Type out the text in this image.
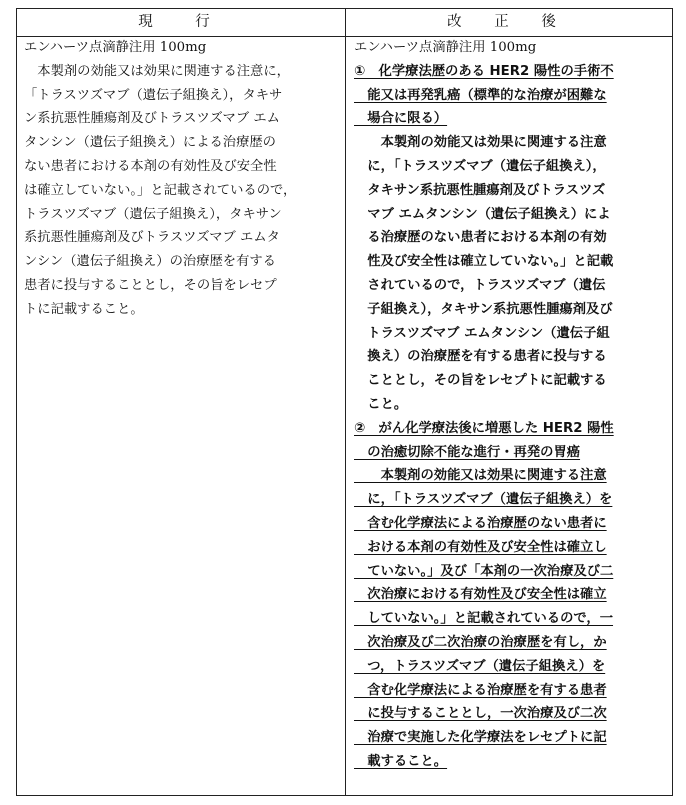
現　行	改 正 後
エンハーツ点滴静注用 100mg
　本製剤の効能又は効果に関連する注意に，
「トラスツズマブ（遺伝子組換え），タキサ
ン系抗悪性腫瘍剤及びトラスツズマブ エム
タンシン（遺伝子組換え）による治療歴の
ない患者における本剤の有効性及び安全性
は確立していない。」と記載されているので，
トラスツズマブ（遺伝子組換え），タキサン
系抗悪性腫瘍剤及びトラスツズマブ エムタ
ンシン（遺伝子組換え）の治療歴を有する
患者に投与することとし，その旨をレセプ
トに記載すること。
エンハーツ点滴静注用 100mg
①　化学療法歴のある HER2 陽性の手術不
　能又は再発乳癌（標準的な治療が困難な
　場合に限る）
　　本製剤の効能又は効果に関連する注意
　に，「トラスツズマブ（遺伝子組換え），
　タキサン系抗悪性腫瘍剤及びトラスツズ
　マブ エムタンシン（遺伝子組換え）によ
　る治療歴のない患者における本剤の有効
　性及び安全性は確立していない。」と記載
　されているので，トラスツズマブ（遺伝
　子組換え），タキサン系抗悪性腫瘍剤及び
　トラスツズマブ エムタンシン（遺伝子組
　換え）の治療歴を有する患者に投与する
　こととし，その旨をレセプトに記載する
　こと。
②　がん化学療法後に増悪した HER2 陽性
　の治癒切除不能な進行・再発の胃癌
　　本製剤の効能又は効果に関連する注意
　に，「トラスツズマブ（遺伝子組換え）を
　含む化学療法による治療歴のない患者に
　おける本剤の有効性及び安全性は確立し
　ていない。」及び「本剤の一次治療及び二
　次治療における有効性及び安全性は確立
　していない。」と記載されているので，一
　次治療及び二次治療の治療歴を有し，か
　つ，トラスツズマブ（遺伝子組換え）を
　含む化学療法による治療歴を有する患者
　に投与することとし，一次治療及び二次
　治療で実施した化学療法をレセプトに記
　載すること。
